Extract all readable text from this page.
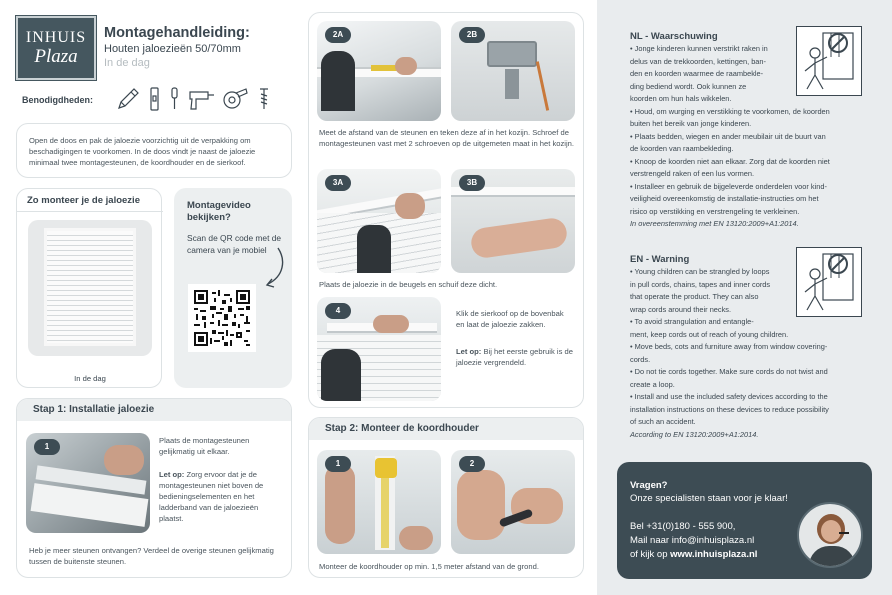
INHUIS
Plaza
Montagehandleiding:
Houten jaloezieën 50/70mm
In de dag
Benodigdheden:
Open de doos en pak de jaloezie voorzichtig uit de verpakking om beschadigingen te voorkomen. In de doos vindt je naast de jaloezie minimaal twee montagesteunen, de koordhouder en de sierkoof.
Zo monteer je de jaloezie
In de dag
Montagevideo bekijken?
Scan de QR code met de camera van je mobiel
Stap 1: Installatie jaloezie
1
Plaats de montagesteunen gelijkmatig uit elkaar.
Let op: Zorg ervoor dat je de montagesteunen niet boven de bedieningselementen en het ladderband van de jaloezieën plaatst.
Heb je meer steunen ontvangen? Verdeel de overige steunen gelijkmatig tussen de buitenste steunen.
2A	2B
Meet de afstand van de steunen en teken deze af in het kozijn. Schroef de montagesteunen vast met 2 schroeven op de uitgemeten maat in het kozijn.
3A	3B
Plaats de jaloezie in de beugels en schuif deze dicht.
4	Klik de sierkoof op de bovenbak en laat de jaloezie zakken.
Let op: Bij het eerste gebruik is de jaloezie vergrendeld.
Stap 2: Monteer de koordhouder
1	2
Monteer de koordhouder op min. 1,5 meter afstand van de grond.
NL - Waarschuwing
• Jonge kinderen kunnen verstrikt raken in
delus van de trekkoorden, kettingen, ban-
den en koorden waarmee de raambekle-
ding bediend wordt. Ook kunnen ze
koorden om hun hals wikkelen.
• Houd, om wurging en verstikking te voorkomen, de koorden
buiten het bereik van jonge kinderen.
• Plaats bedden, wiegen en ander meubilair uit de buurt van
de koorden van raambekleding.
• Knoop de koorden niet aan elkaar. Zorg dat de koorden niet
verstrengeld raken of een lus vormen.
• Installeer en gebruik de bijgeleverde onderdelen voor kind-
veiligheid overeenkomstig de installatie-instructies om het
risico op verstikking en verstrengeling te verkleinen.
In overeenstemming met EN 13120:2009+A1:2014.
EN - Warning
• Young children can be strangled by loops
in pull cords, chains, tapes and inner cords
that operate the product. They can also
wrap cords around their necks.
• To avoid strangulation and entangle-
ment, keep cords out of reach of young children.
• Move beds, cots and furniture away from window covering-
cords.
• Do not tie cords together. Make sure cords do not twist and
create a loop.
• Install and use the included safety devices according to the
installation instructions on these devices to reduce possibility
of such an accident.
According to EN 13120:2009+A1:2014.
Vragen?
Onze specialisten staan voor je klaar!
Bel +31(0)180 - 555 900,
Mail naar info@inhuisplaza.nl
of kijk op www.inhuisplaza.nl
